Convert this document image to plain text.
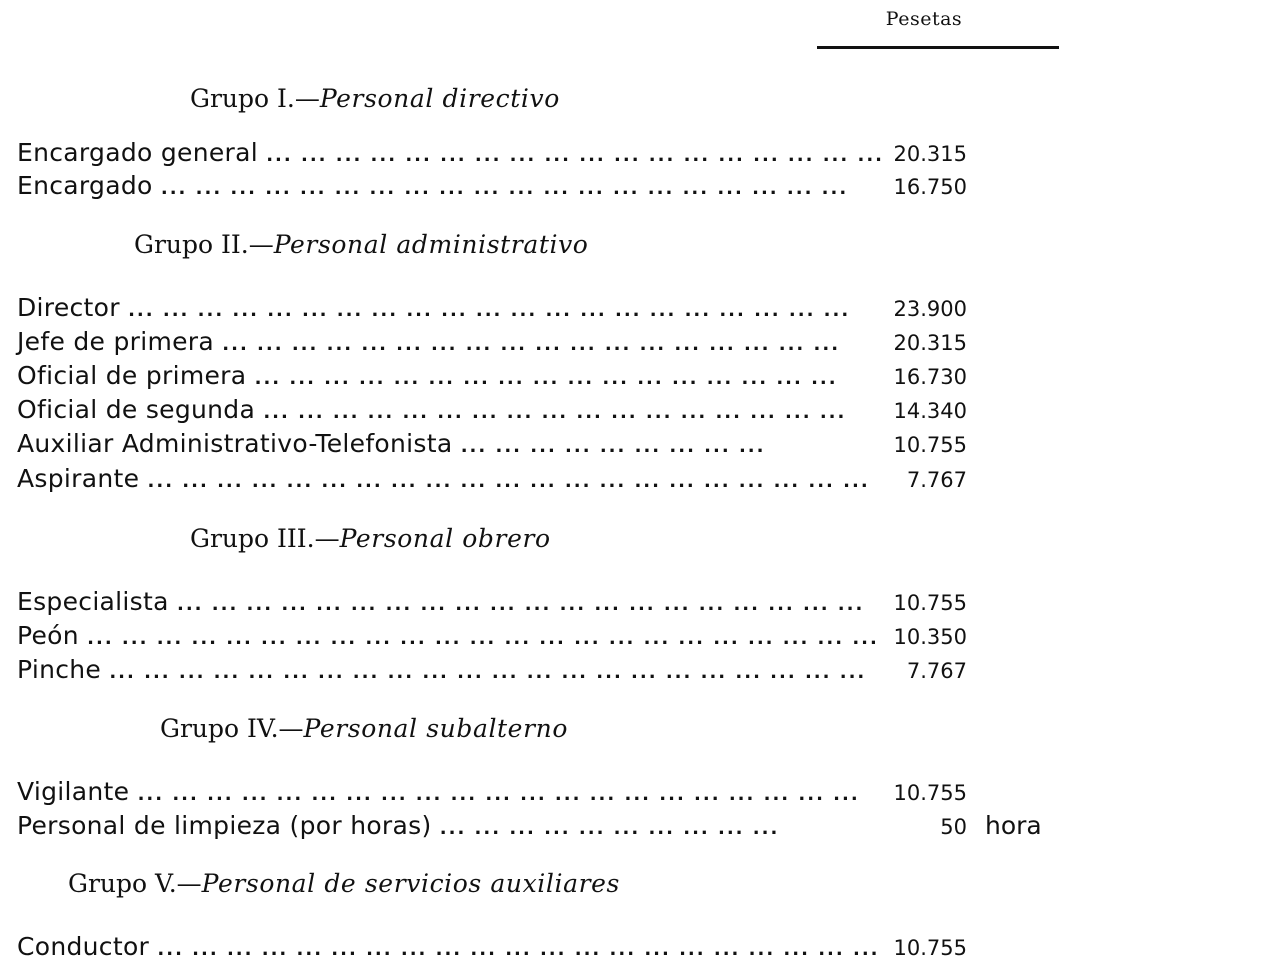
Pesetas
Grupo I.—Personal directivo
Encargado general ... ... ... ... ... ... ... ... ... ... ... ... ... ... ... ... ... ... 20.315
Encargado ... ... ... ... ... ... ... ... ... ... ... ... ... ... ... ... ... ... ... ...	16.750
Grupo II.—Personal administrativo
Director ... ... ... ... ... ... ... ... ... ... ... ... ... ... ... ... ... ... ... ... ...	23.900
Jefe de primera ... ... ... ... ... ... ... ... ... ... ... ... ... ... ... ... ... ...	20.315
Oficial de primera ... ... ... ... ... ... ... ... ... ... ... ... ... ... ... ... ...	16.730
Oficial de segunda ... ... ... ... ... ... ... ... ... ... ... ... ... ... ... ... ...	14.340
Auxiliar Administrativo-Telefonista ... ... ... ... ... ... ... ... ...	10.755
Aspirante ... ... ... ... ... ... ... ... ... ... ... ... ... ... ... ... ... ... ... ... ...	7.767
Grupo III.—Personal obrero
Especialista ... ... ... ... ... ... ... ... ... ... ... ... ... ... ... ... ... ... ... ...	10.755
Peón ... ... ... ... ... ... ... ... ... ... ... ... ... ... ... ... ... ... ... ... ... ... ... 10.350
Pinche ... ... ... ... ... ... ... ... ... ... ... ... ... ... ... ... ... ... ... ... ... ...	7.767
Grupo IV.—Personal subalterno
Vigilante ... ... ... ... ... ... ... ... ... ... ... ... ... ... ... ... ... ... ... ... ...	10.755
Personal de limpieza (por horas) ... ... ... ... ... ... ... ... ... ...	50 hora
Grupo V.—Personal de servicios auxiliares
Conductor ... ... ... ... ... ... ... ... ... ... ... ... ... ... ... ... ... ... ... ... ... 10.755
